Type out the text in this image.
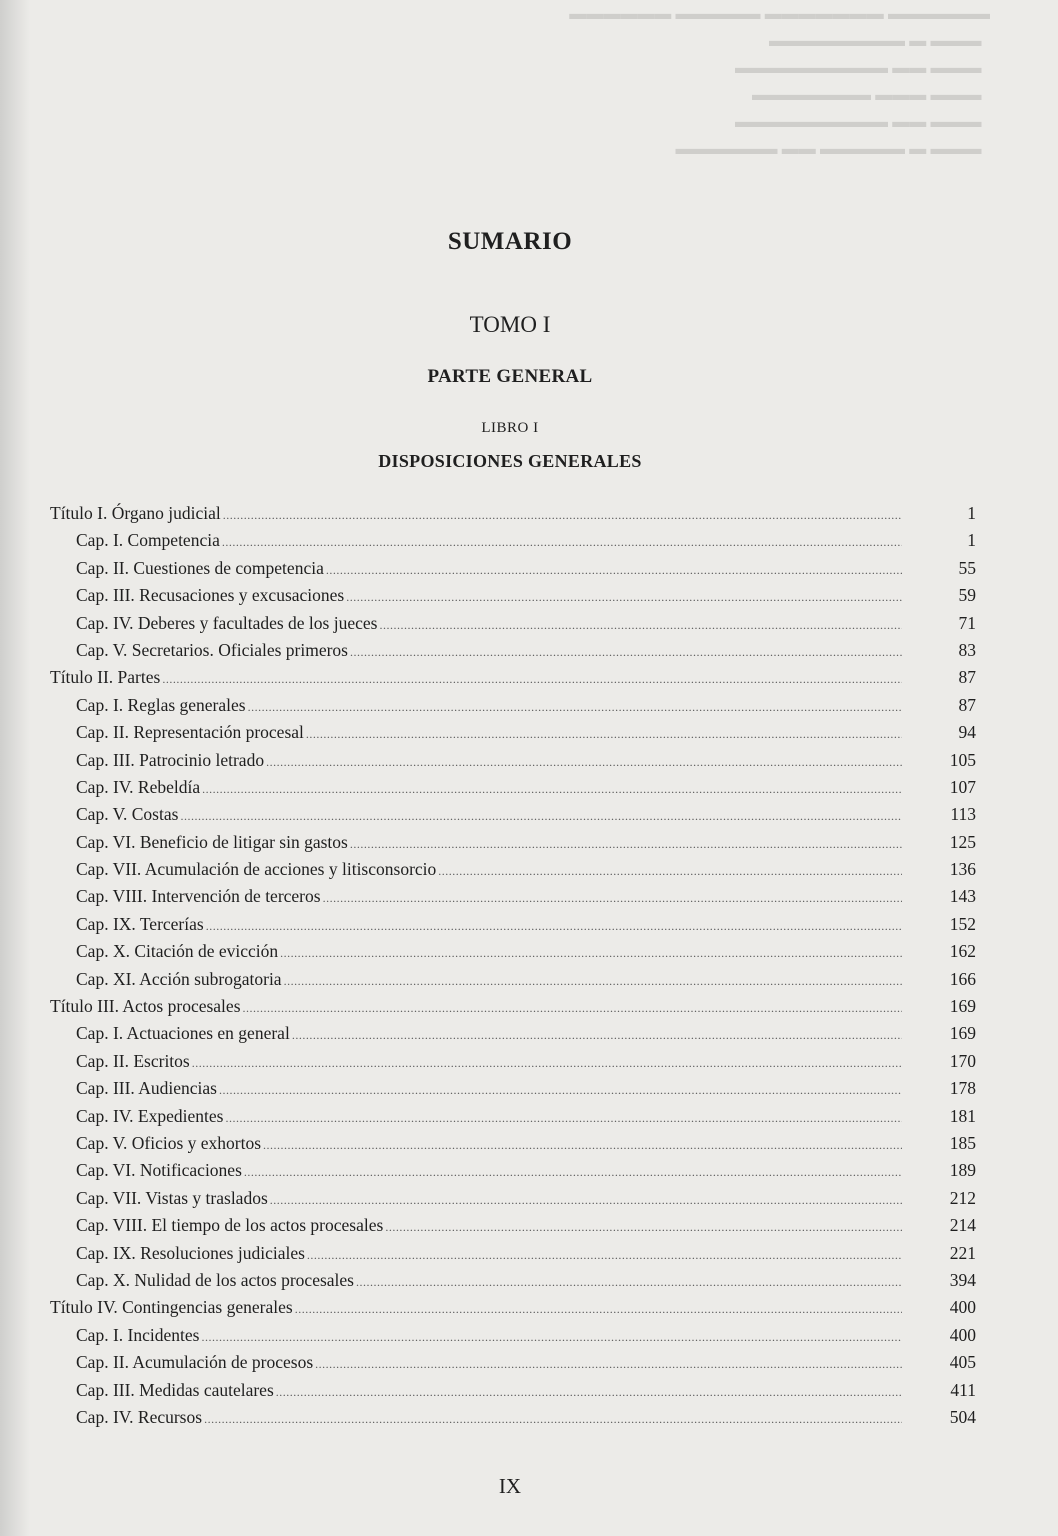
▬▬▬▬▬▬ ▬▬▬▬▬▬▬ ▬▬▬▬▬ ▬▬▬▬▬▬
▬▬▬ ▬ ▬▬▬▬▬▬▬▬
▬▬▬ ▬▬ ▬▬▬▬▬▬▬▬▬
▬▬▬ ▬▬▬ ▬▬▬▬▬▬▬
▬▬▬ ▬▬ ▬▬▬▬▬▬▬▬▬
▬▬▬ ▬ ▬▬▬▬▬ ▬▬ ▬▬▬▬▬▬
SUMARIO
TOMO I
PARTE GENERAL
LIBRO I
DISPOSICIONES GENERALES
Título I. Órgano judicial .....	1
Cap. I. Competencia .....	1
Cap. II. Cuestiones de competencia .....	55
Cap. III. Recusaciones y excusaciones .....	59
Cap. IV. Deberes y facultades de los jueces .....	71
Cap. V. Secretarios. Oficiales primeros .....	83
Título II. Partes .....	87
Cap. I. Reglas generales .....	87
Cap. II. Representación procesal .....	94
Cap. III. Patrocinio letrado .....	105
Cap. IV. Rebeldía .....	107
Cap. V. Costas .....	113
Cap. VI. Beneficio de litigar sin gastos .....	125
Cap. VII. Acumulación de acciones y litisconsorcio .....	136
Cap. VIII. Intervención de terceros .....	143
Cap. IX. Tercerías .....	152
Cap. X. Citación de evicción .....	162
Cap. XI. Acción subrogatoria .....	166
Título III. Actos procesales .....	169
Cap. I. Actuaciones en general .....	169
Cap. II. Escritos .....	170
Cap. III. Audiencias .....	178
Cap. IV. Expedientes .....	181
Cap. V. Oficios y exhortos .....	185
Cap. VI. Notificaciones .....	189
Cap. VII. Vistas y traslados .....	212
Cap. VIII. El tiempo de los actos procesales .....	214
Cap. IX. Resoluciones judiciales .....	221
Cap. X. Nulidad de los actos procesales .....	394
Título IV. Contingencias generales .....	400
Cap. I. Incidentes .....	400
Cap. II. Acumulación de procesos .....	405
Cap. III. Medidas cautelares .....	411
Cap. IV. Recursos .....	504
IX
